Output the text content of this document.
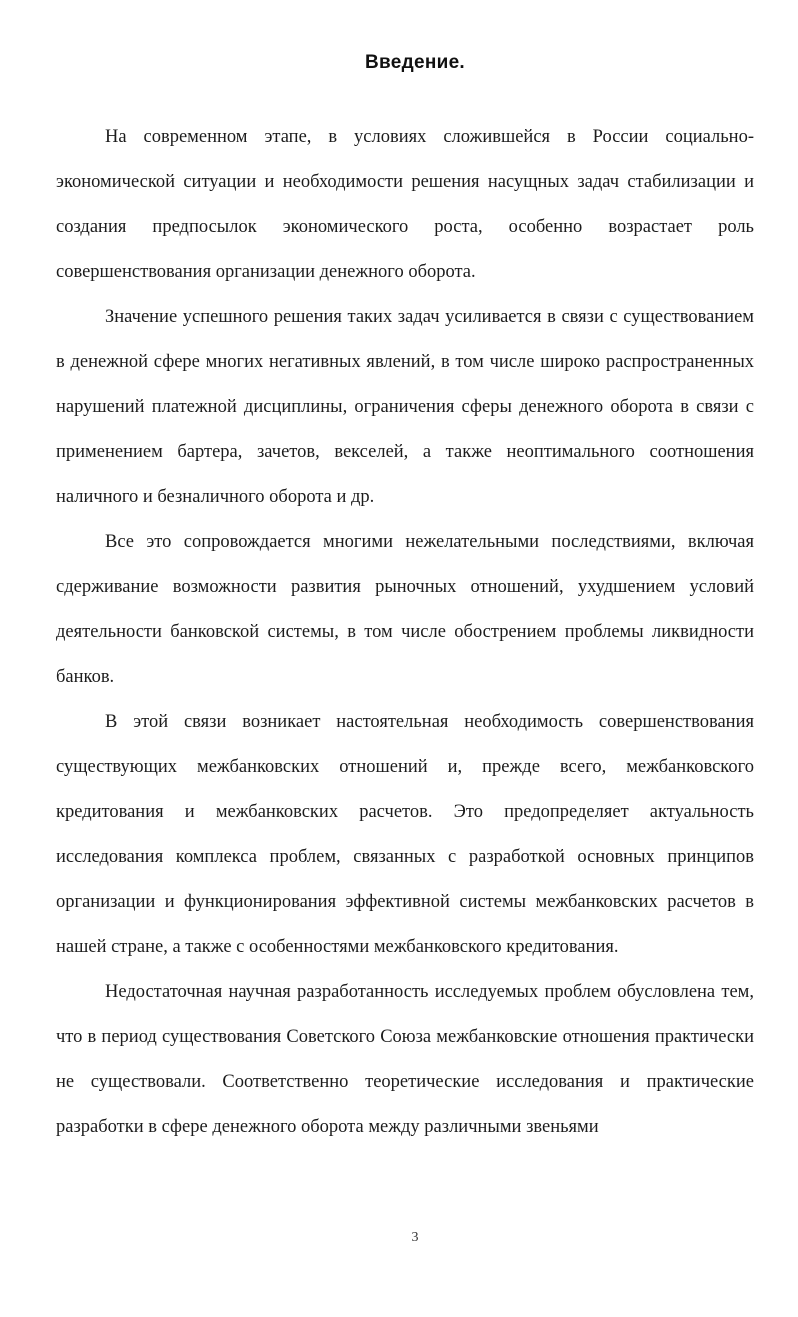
Введение.

На современном этапе, в условиях сложившейся в России социально-экономической ситуации и необходимости решения насущных задач стабилизации и создания предпосылок экономического роста, особенно возрастает роль совершенствования организации денежного оборота.

Значение успешного решения таких задач усиливается в связи с существованием в денежной сфере многих негативных явлений, в том числе широко распространенных нарушений платежной дисциплины, ограничения сферы денежного оборота в связи с применением бартера, зачетов, векселей, а также неоптимального соотношения наличного и безналичного оборота и др.

Все это сопровождается многими нежелательными последствиями, включая сдерживание возможности развития рыночных отношений, ухудшением условий деятельности банковской системы, в том числе обострением проблемы ликвидности банков.

В этой связи возникает настоятельная необходимость совершенствования существующих межбанковских отношений и, прежде всего, межбанковского кредитования и межбанковских расчетов. Это предопределяет актуальность исследования комплекса проблем, связанных с разработкой основных принципов организации и функционирования эффективной системы межбанковских расчетов в нашей стране, а также с особенностями межбанковского кредитования.

Недостаточная научная разработанность исследуемых проблем обусловлена тем, что в период существования Советского Союза межбанковские отношения практически не существовали. Соответственно теоретические исследования и практические разработки в сфере денежного оборота между различными звеньями

3
